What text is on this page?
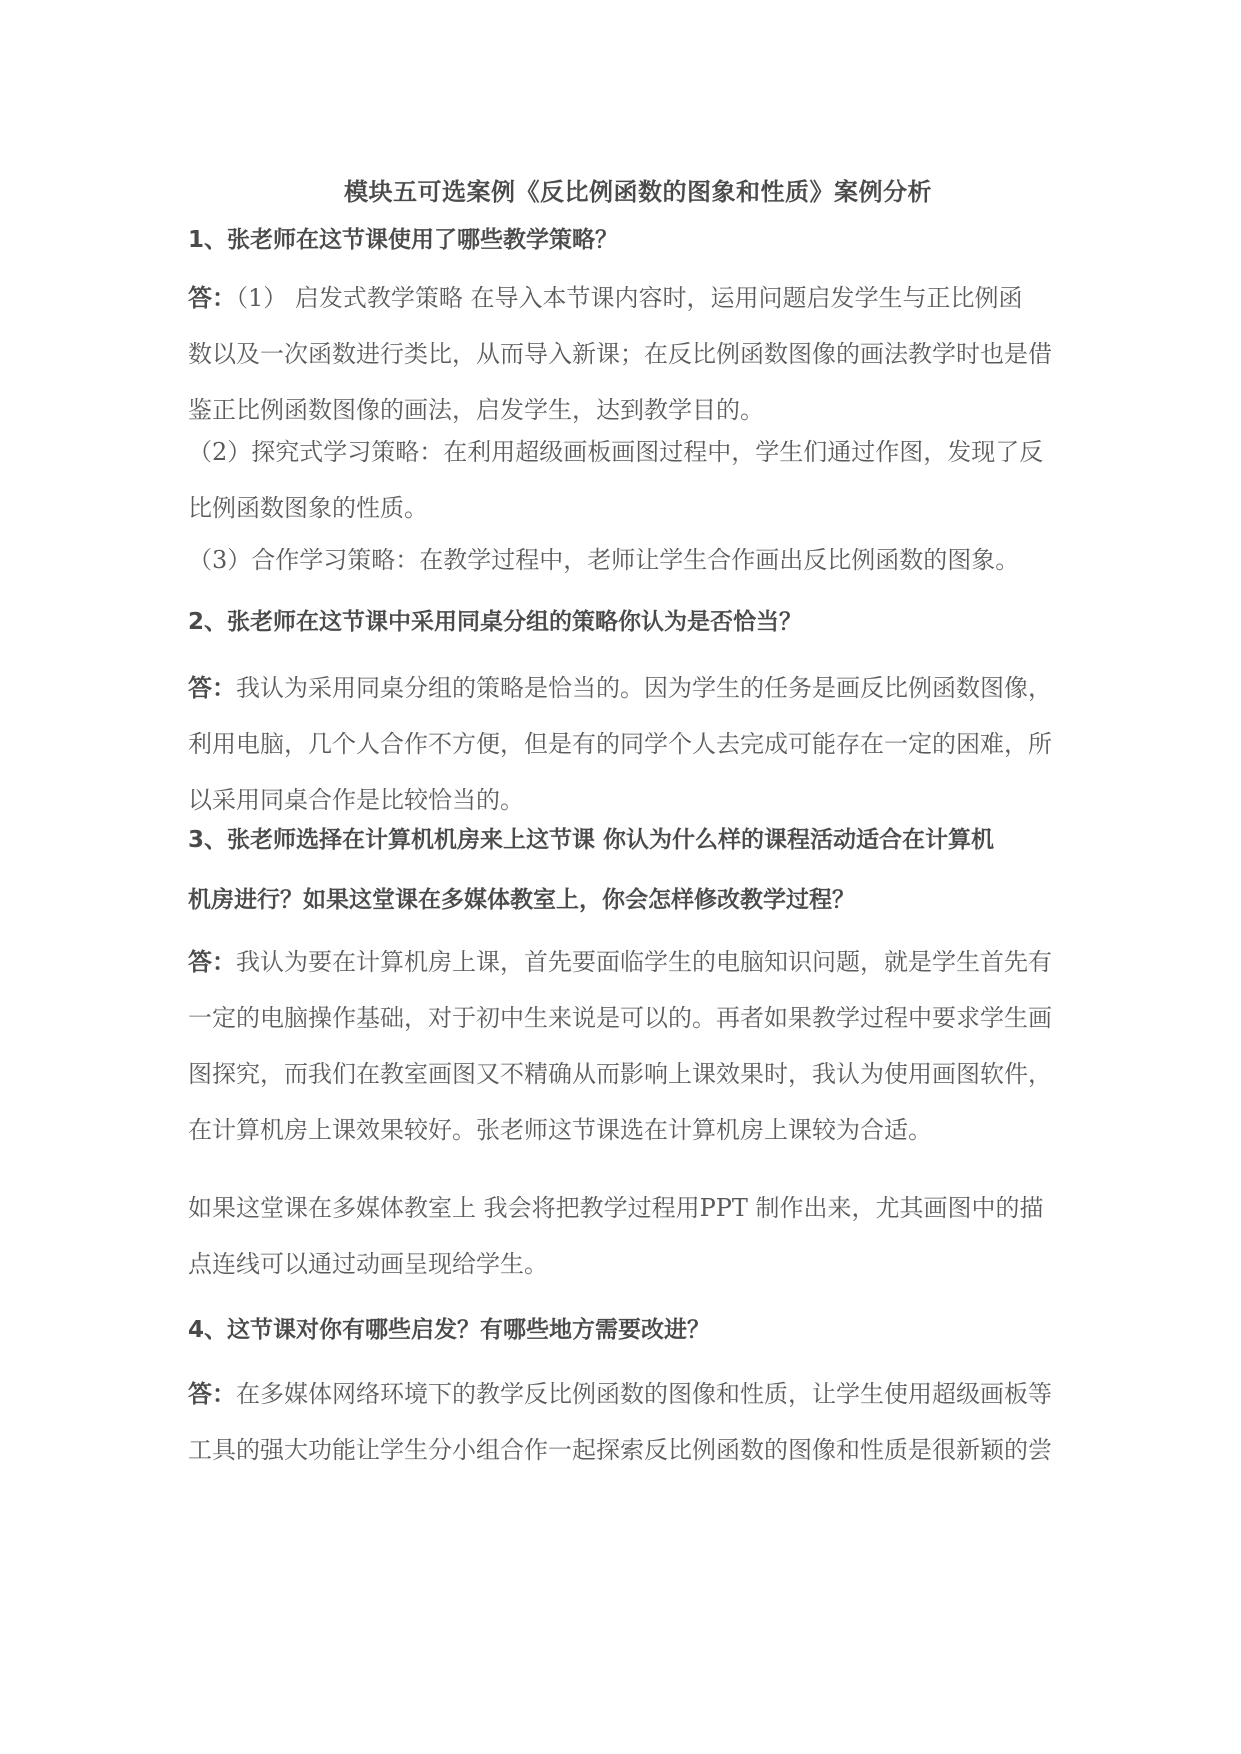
模块五可选案例《反比例函数的图象和性质》案例分析
1、张老师在这节课使用了哪些教学策略？
答：（1） 启发式教学策略 在导入本节课内容时，运用问题启发学生与正比例函
数以及一次函数进行类比，从而导入新课；在反比例函数图像的画法教学时也是借
鉴正比例函数图像的画法，启发学生，达到教学目的。
（2）探究式学习策略：在利用超级画板画图过程中，学生们通过作图，发现了反
比例函数图象的性质。
（3）合作学习策略：在教学过程中，老师让学生合作画出反比例函数的图象。
2、张老师在这节课中采用同桌分组的策略你认为是否恰当？
答：我认为采用同桌分组的策略是恰当的。因为学生的任务是画反比例函数图像，
利用电脑，几个人合作不方便，但是有的同学个人去完成可能存在一定的困难，所
以采用同桌合作是比较恰当的。
3、张老师选择在计算机机房来上这节课 你认为什么样的课程活动适合在计算机
机房进行？如果这堂课在多媒体教室上，你会怎样修改教学过程？
答：我认为要在计算机房上课，首先要面临学生的电脑知识问题，就是学生首先有
一定的电脑操作基础，对于初中生来说是可以的。再者如果教学过程中要求学生画
图探究，而我们在教室画图又不精确从而影响上课效果时，我认为使用画图软件，
在计算机房上课效果较好。张老师这节课选在计算机房上课较为合适。
如果这堂课在多媒体教室上 我会将把教学过程用PPT 制作出来，尤其画图中的描
点连线可以通过动画呈现给学生。
4、这节课对你有哪些启发？有哪些地方需要改进？
答：在多媒体网络环境下的教学反比例函数的图像和性质，让学生使用超级画板等
工具的强大功能让学生分小组合作一起探索反比例函数的图像和性质是很新颖的尝
